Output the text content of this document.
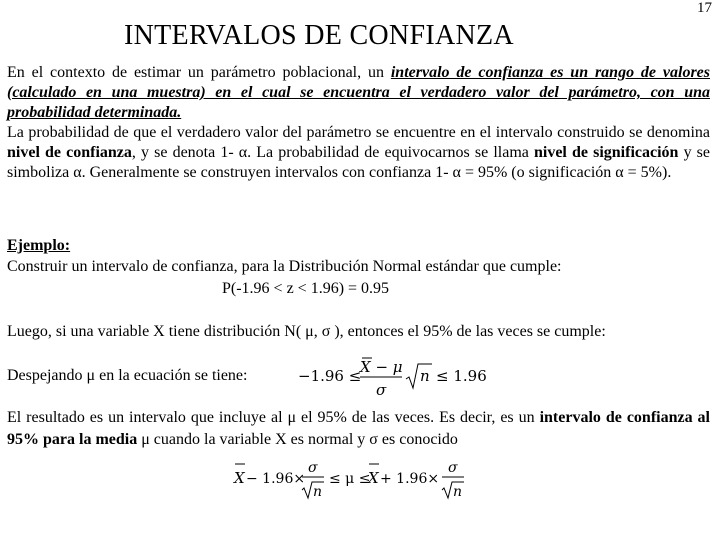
17
INTERVALOS DE CONFIANZA
En el contexto de estimar un parámetro poblacional, un intervalo de confianza es un rango de valores (calculado en una muestra) en el cual se encuentra el verdadero valor del parámetro, con una probabilidad determinada.
La probabilidad de que el verdadero valor del parámetro se encuentre en el intervalo construido se denomina nivel de confianza, y se denota 1- α. La probabilidad de equivocarnos se llama nivel de significación y se simboliza α. Generalmente se construyen intervalos con confianza 1- α = 95% (o significación α = 5%).
Ejemplo:
Construir un intervalo de confianza, para la Distribución Normal estándar que cumple:
P(-1.96 < z < 1.96) = 0.95
Luego, si una variable X tiene distribución N( μ, σ ), entonces el 95% de las veces se cumple:
Despejando μ en la ecuación se tiene:	−1.96 ≤
X − μ
σ
n ≤ 1.96
El resultado es un intervalo que incluye al μ el 95% de las veces. Es decir, es un intervalo de confianza al 95% para la media μ cuando la variable X es normal y σ es conocido
X − 1.96×
σ
n
≤ μ ≤
X + 1.96×
σ
n
